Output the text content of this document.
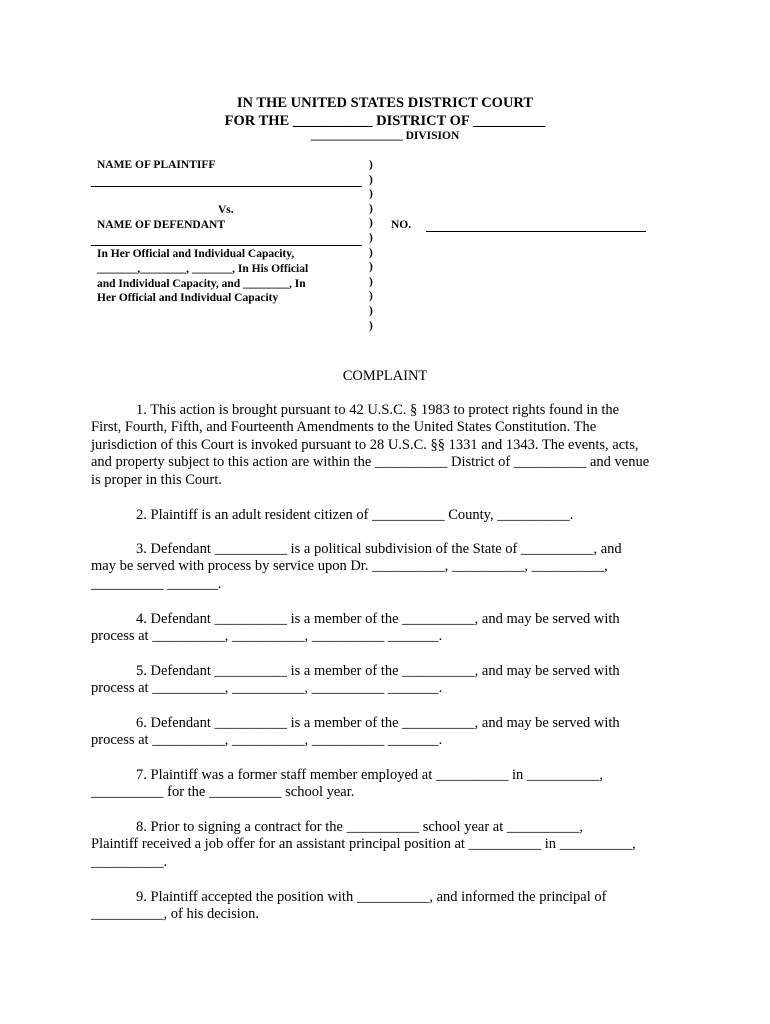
IN THE UNITED STATES DISTRICT COURT
FOR THE ___________ DISTRICT OF __________
________________ DIVISION
NAME OF PLAINTIFF
Vs.
NAME OF DEFENDANT
In Her Official and Individual Capacity,
_______,________, _______, In His Official
and Individual Capacity, and ________, In
Her Official and Individual Capacity
)
)
)
)
)
)
)
)
)
)
)
)
NO.
COMPLAINT
1. This action is brought pursuant to 42 U.S.C. § 1983 to protect rights found in the
First, Fourth, Fifth, and Fourteenth Amendments to the United States Constitution. The
jurisdiction of this Court is invoked pursuant to 28 U.S.C. §§ 1331 and 1343. The events, acts,
and property subject to this action are within the __________ District of __________ and venue
is proper in this Court.
2. Plaintiff is an adult resident citizen of __________ County, __________.
3. Defendant __________ is a political subdivision of the State of __________, and
may be served with process by service upon Dr. __________, __________, __________,
__________ _______.
4. Defendant __________ is a member of the __________, and may be served with
process at __________, __________, __________ _______.
5. Defendant __________ is a member of the __________, and may be served with
process at __________, __________, __________ _______.
6. Defendant __________ is a member of the __________, and may be served with
process at __________, __________, __________ _______.
7. Plaintiff was a former staff member employed at __________ in __________,
__________ for the __________ school year.
8. Prior to signing a contract for the __________ school year at __________,
Plaintiff received a job offer for an assistant principal position at __________ in __________,
__________.
9. Plaintiff accepted the position with __________, and informed the principal of
__________, of his decision.
